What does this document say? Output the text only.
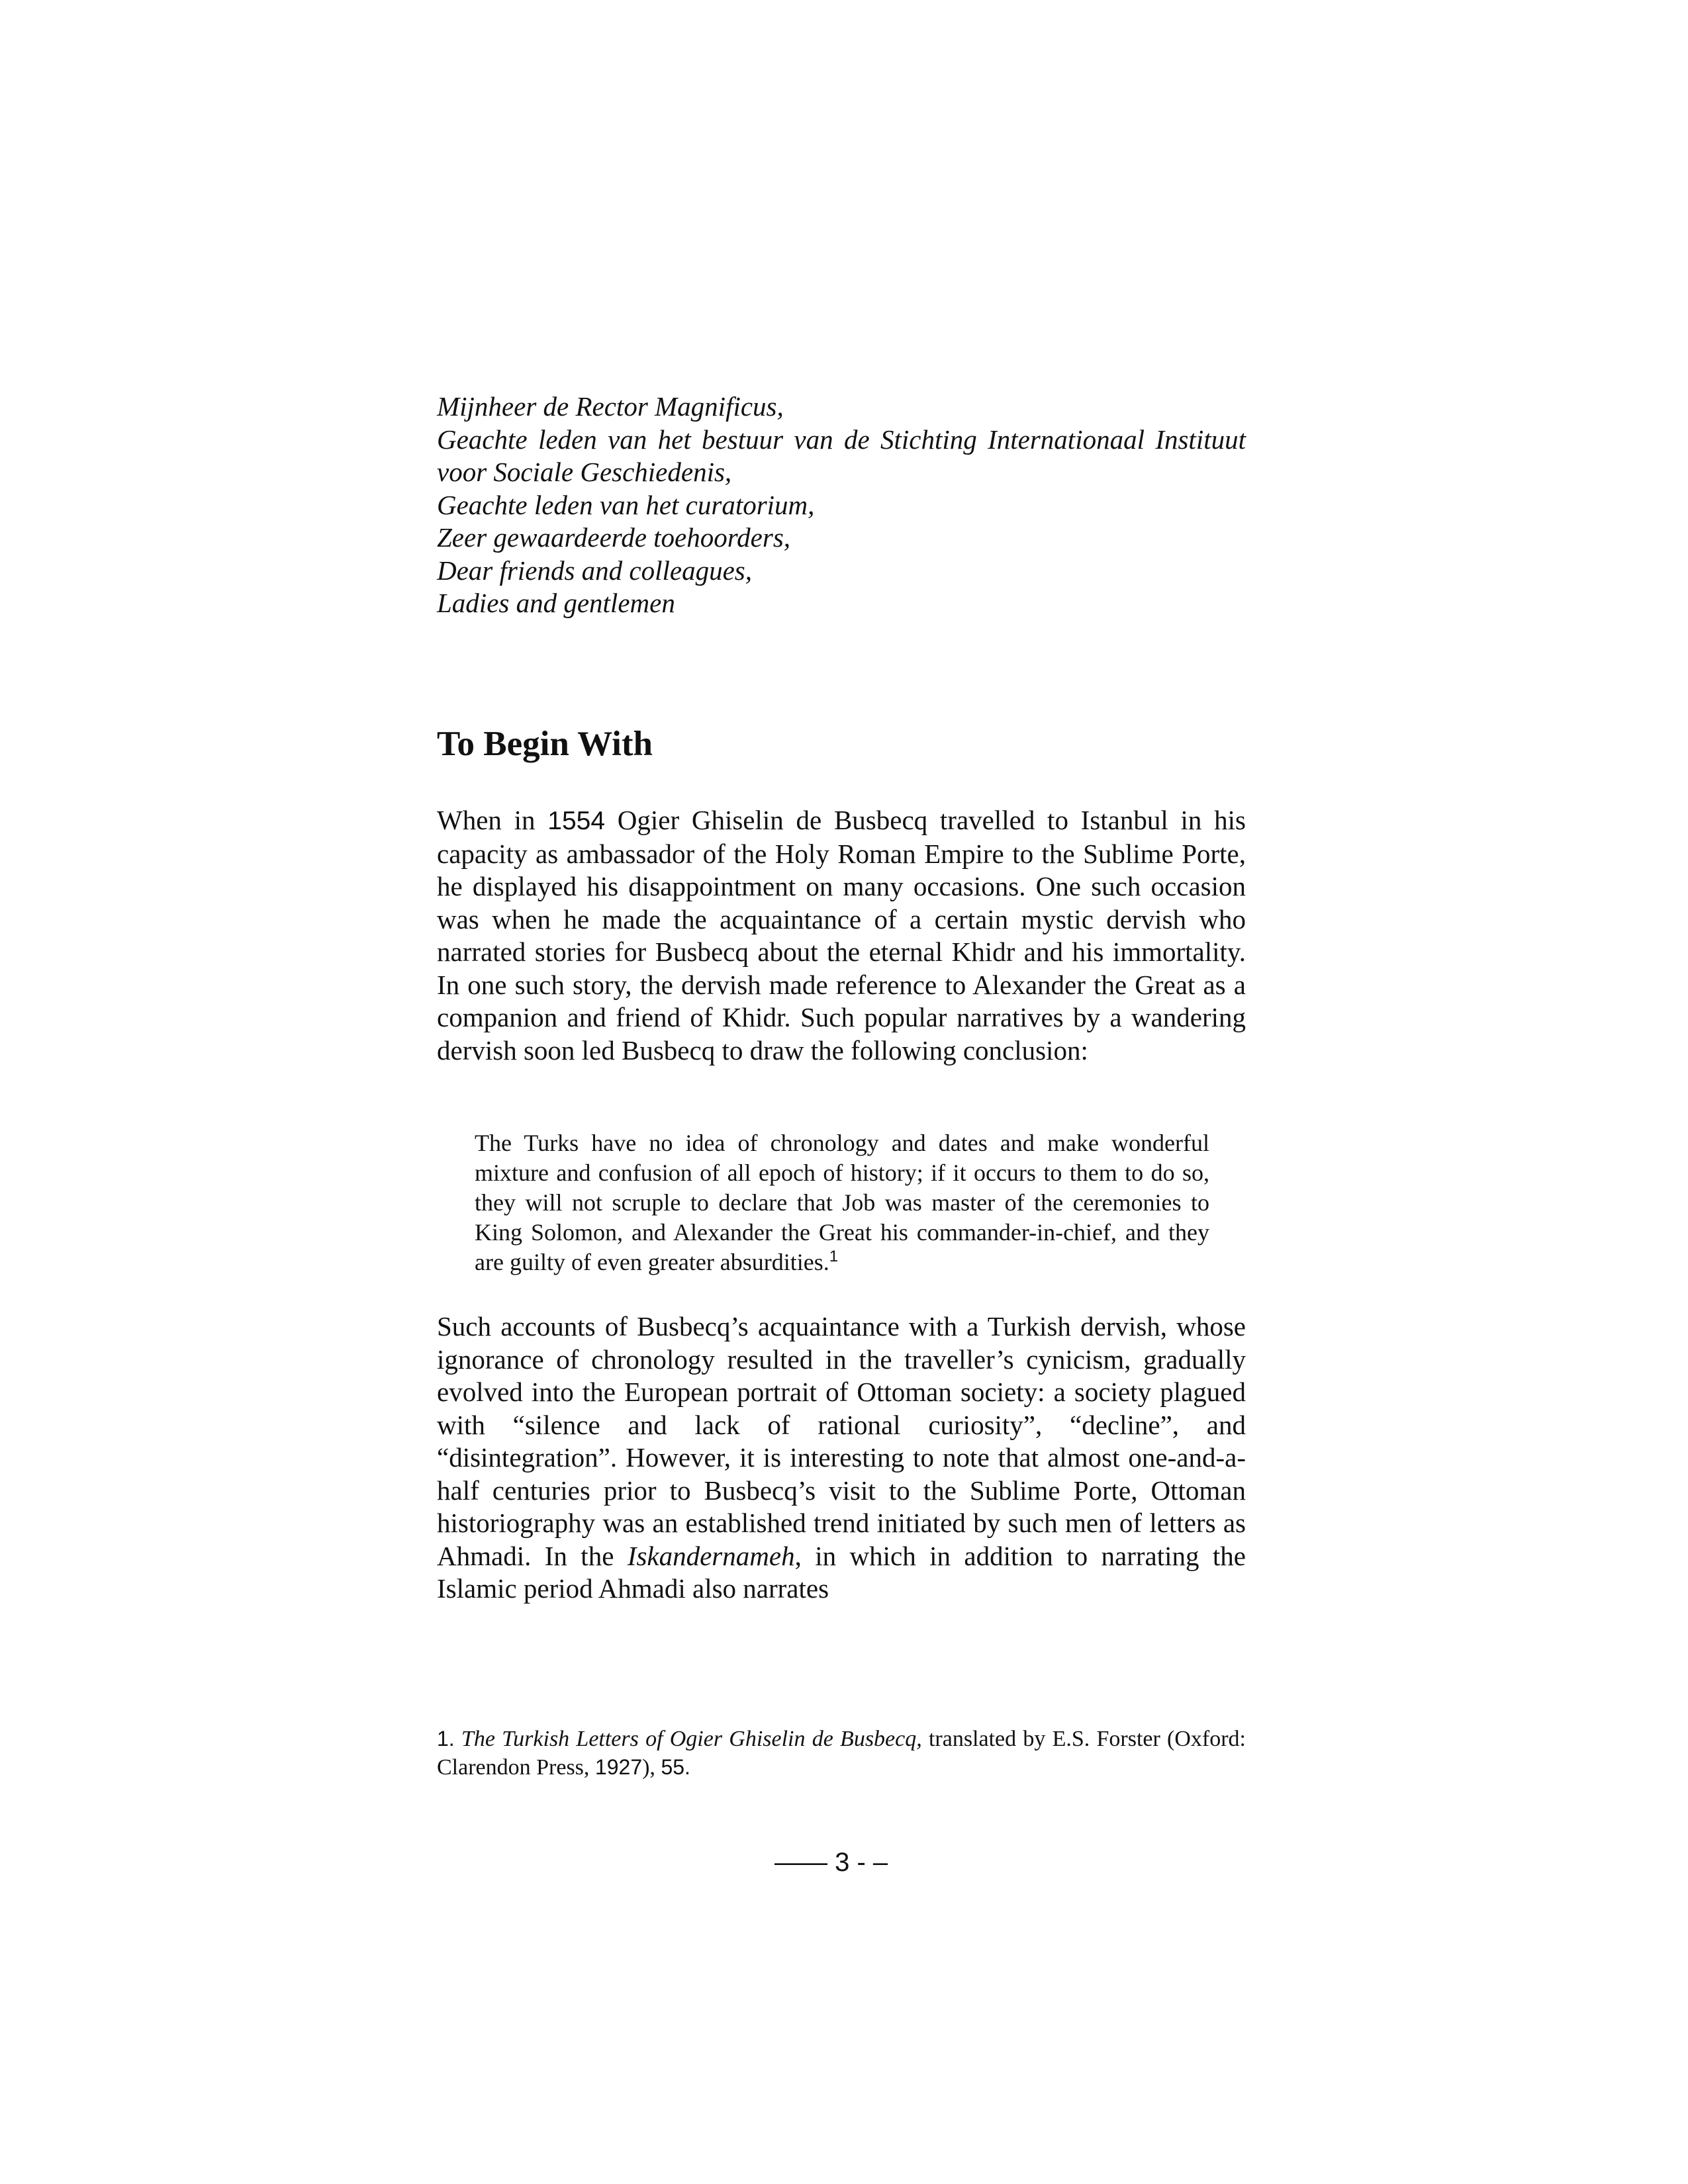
Mijnheer de Rector Magnificus,

Geachte leden van het bestuur van de Stichting Internationaal Instituut voor Sociale Geschiedenis,

Geachte leden van het curatorium,

Zeer gewaardeerde toehoorders,

Dear friends and colleagues,

Ladies and gentlemen

To Begin With

When in 1554 Ogier Ghiselin de Busbecq travelled to Istanbul in his capacity as ambassador of the Holy Roman Empire to the Sublime Porte, he displayed his disappointment on many occasions. One such occasion was when he made the acquaintance of a certain mystic dervish who narrated stories for Busbecq about the eternal Khidr and his immortality. In one such story, the dervish made reference to Alexander the Great as a companion and friend of Khidr. Such popular narratives by a wandering dervish soon led Busbecq to draw the following conclusion:

The Turks have no idea of chronology and dates and make wonderful mixture and confusion of all epoch of history; if it occurs to them to do so, they will not scruple to declare that Job was master of the ceremonies to King Solomon, and Alexander the Great his commander-in-chief, and they are guilty of even greater absurdities.$^1$

Such accounts of Busbecq’s acquaintance with a Turkish dervish, whose ignorance of chronology resulted in the traveller’s cynicism, gradually evolved into the European portrait of Ottoman society: a society plagued with “silence and lack of rational curiosity”, “decline”, and “disintegration”. However, it is interesting to note that almost one-and-a-half centuries prior to Busbecq’s visit to the Sublime Porte, Ottoman historiography was an established trend initiated by such men of letters as Ahmadi. In the Iskandernameh, in which in addition to narrating the Islamic period Ahmadi also narrates

1. The Turkish Letters of Ogier Ghiselin de Busbecq, translated by E.S. Forster (Oxford: Clarendon Press, 1927), 55.

—— 3 - –
